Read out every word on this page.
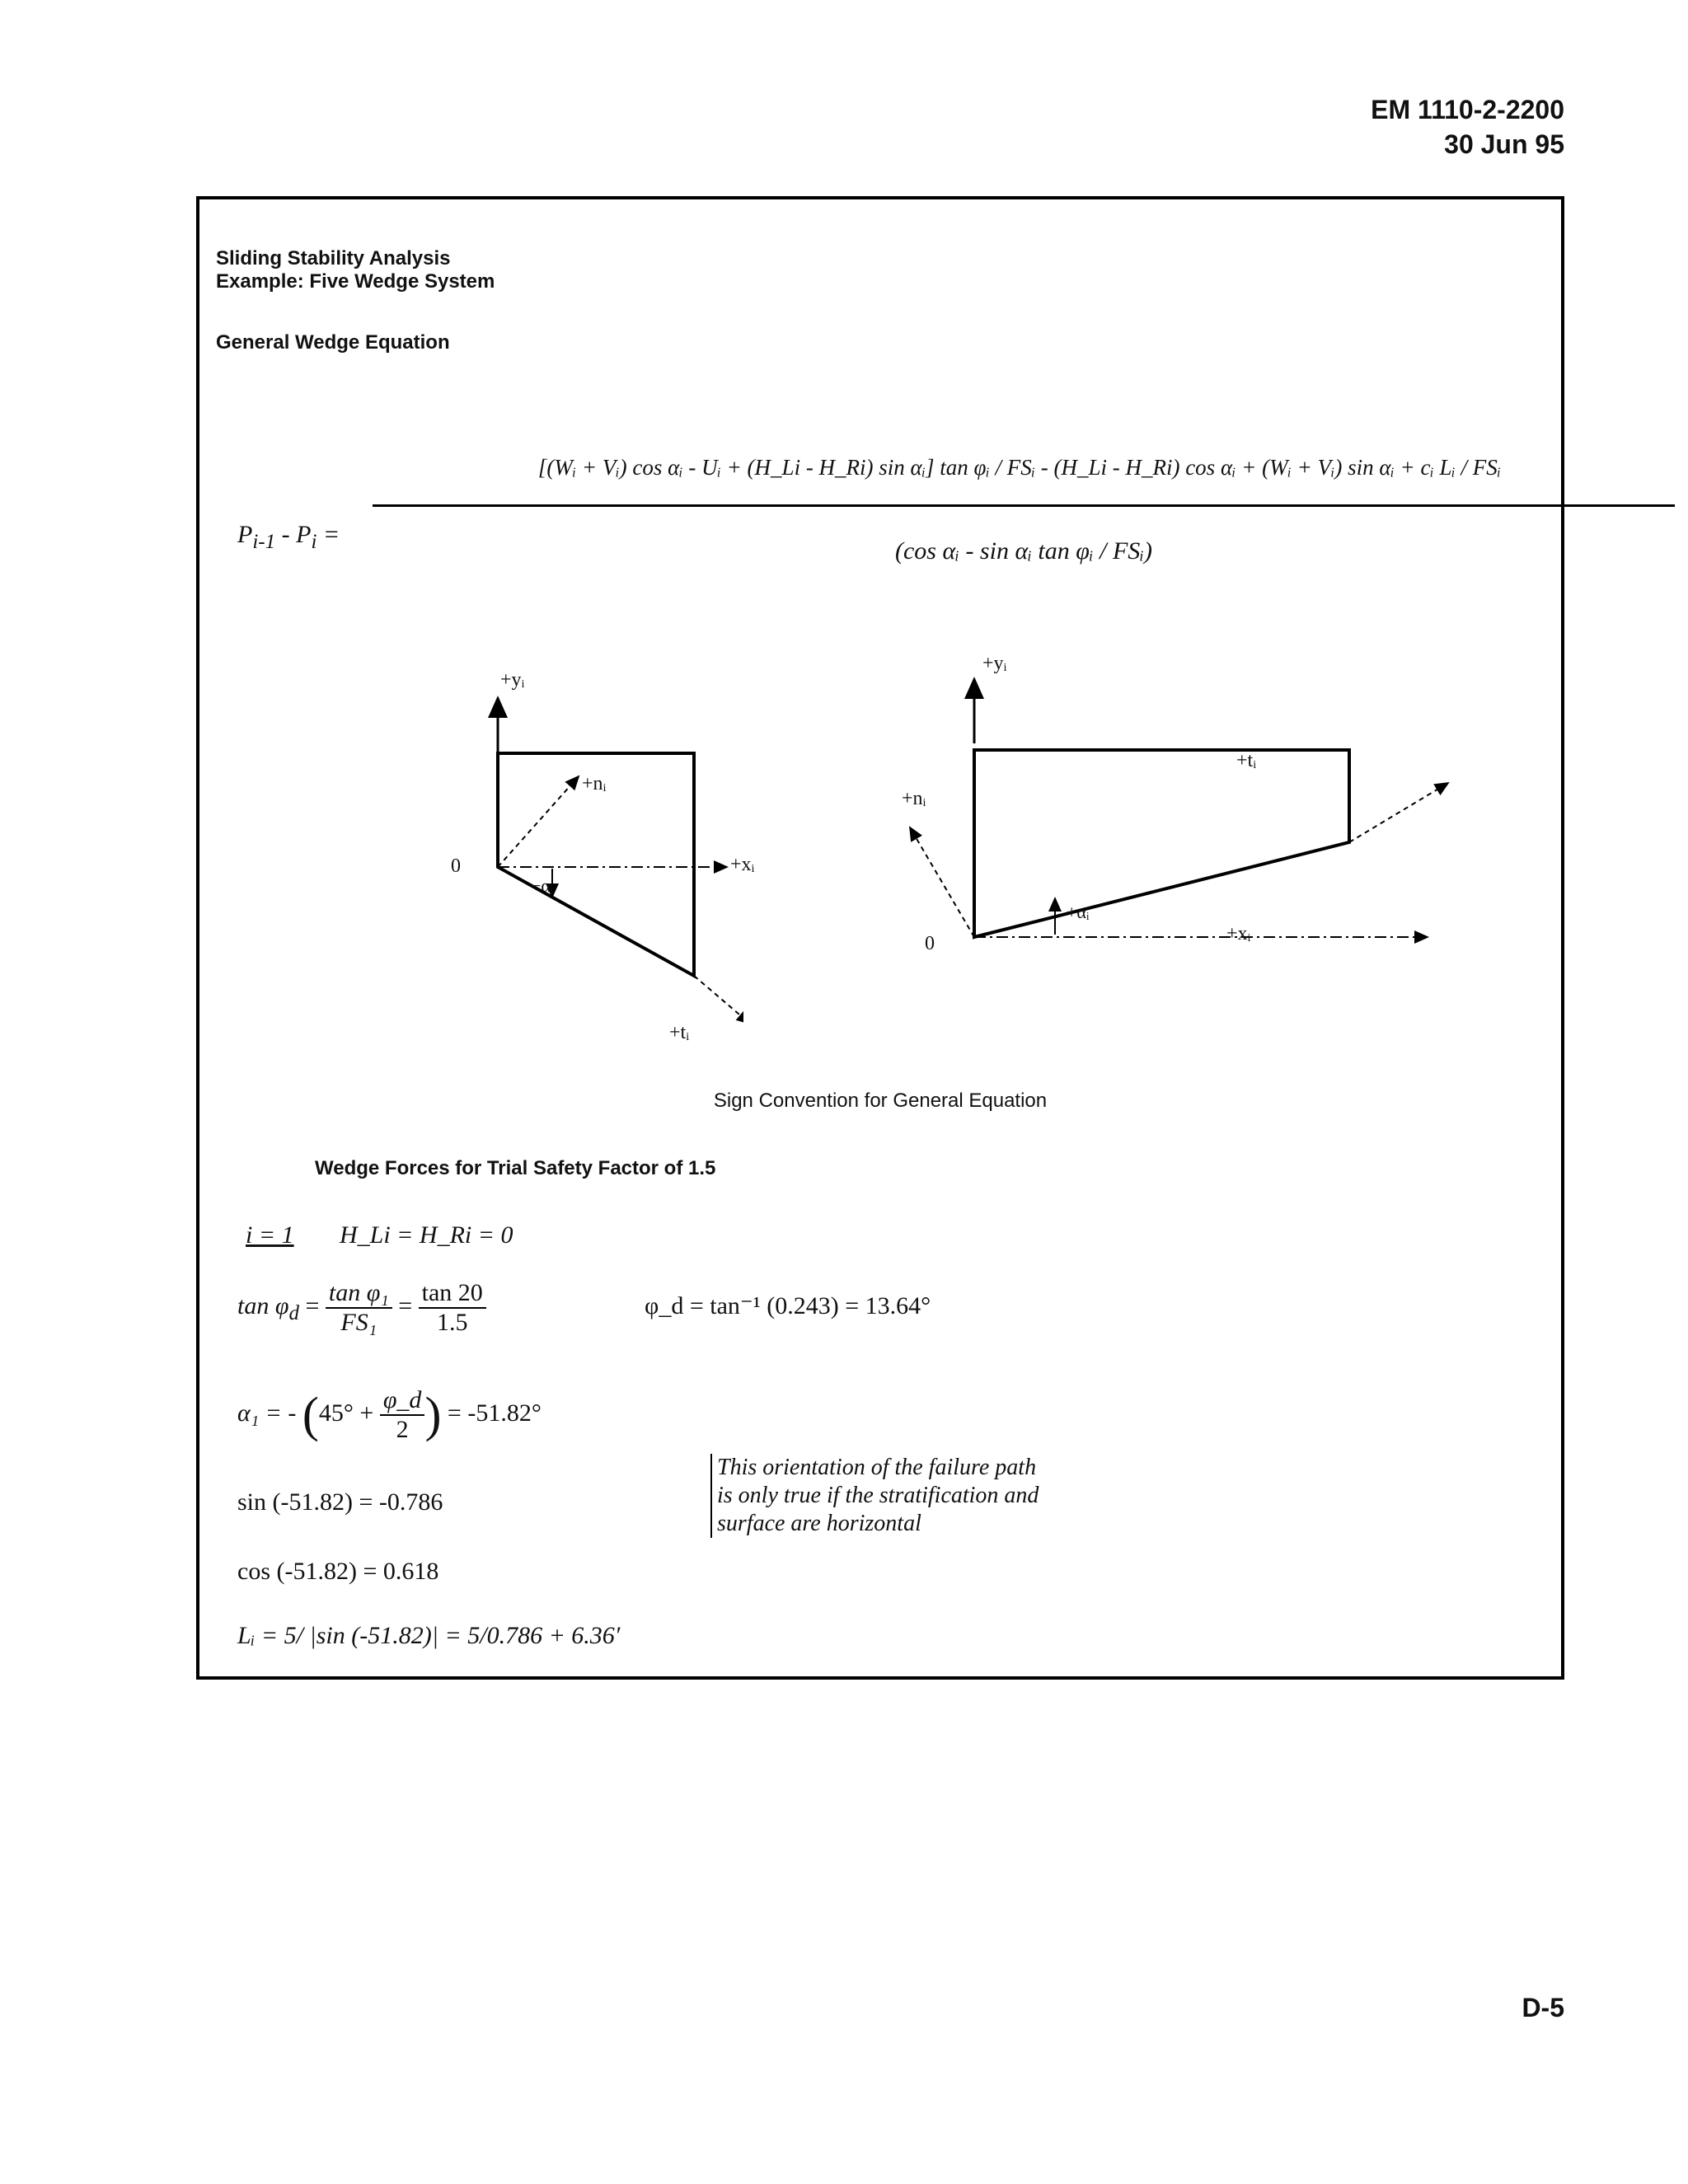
EM 1110-2-2200
30 Jun 95
Sliding Stability Analysis
Example: Five Wedge System
General Wedge Equation
$P_{i-1} - P_i$ =
[(Wᵢ + Vᵢ) cos αᵢ - Uᵢ + (H_Li - H_Ri) sin αᵢ] tan φᵢ / FSᵢ - (H_Li - H_Ri) cos αᵢ + (Wᵢ + Vᵢ) sin αᵢ + cᵢ Lᵢ / FSᵢ
(cos αᵢ - sin αᵢ tan φᵢ / FSᵢ)
+yᵢ
+nᵢ
+xᵢ
−αᵢ
0
+tᵢ
+yᵢ
+tᵢ
+nᵢ
+αᵢ
+xᵢ
0
Sign Convention for General Equation
Wedge Forces for Trial Safety Factor of 1.5
i = 1 H_Li = H_Ri = 0
$\tan \varphi_d = \frac{\text{tan φ₁}}{\text{FS₁}} = \frac{\tan 20}{1.5}$	φ_d = tan⁻¹ (0.243) = 13.64°
α₁ = - ($45^\circ + \frac{\varphi\_d}{2}$ ) = -51.82°
sin (-51.82) = -0.786
cos (-51.82) = 0.618
Lᵢ = 5/ |sin (-51.82)| = 5/0.786 + 6.36′
This orientation of the failure path
is only true if the stratification and
surface are horizontal
D-5
